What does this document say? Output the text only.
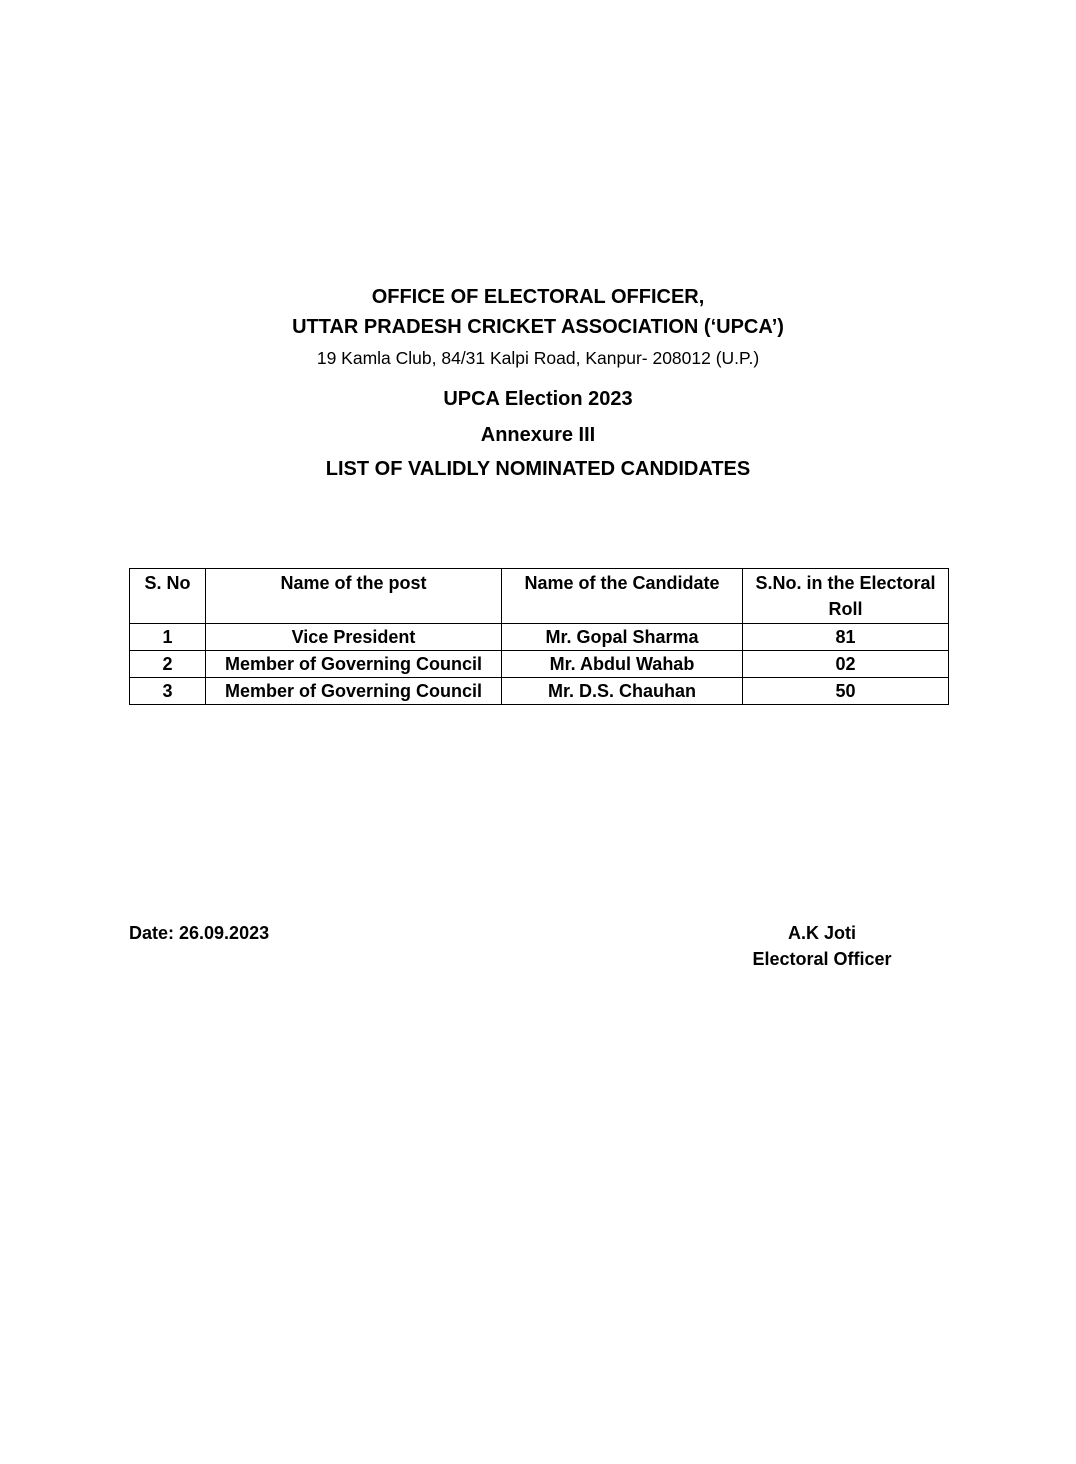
OFFICE OF ELECTORAL OFFICER,
UTTAR PRADESH CRICKET ASSOCIATION (‘UPCA’)
19 Kamla Club, 84/31 Kalpi Road, Kanpur- 208012 (U.P.)
UPCA Election 2023
Annexure III
LIST OF VALIDLY NOMINATED CANDIDATES
S. No	Name of the post	Name of the Candidate	S.No. in the Electoral Roll
1	Vice President	Mr. Gopal Sharma	81
2	Member of Governing Council	Mr. Abdul Wahab	02
3	Member of Governing Council	Mr. D.S. Chauhan	50
Date: 26.09.2023	A.K Joti
Electoral Officer
